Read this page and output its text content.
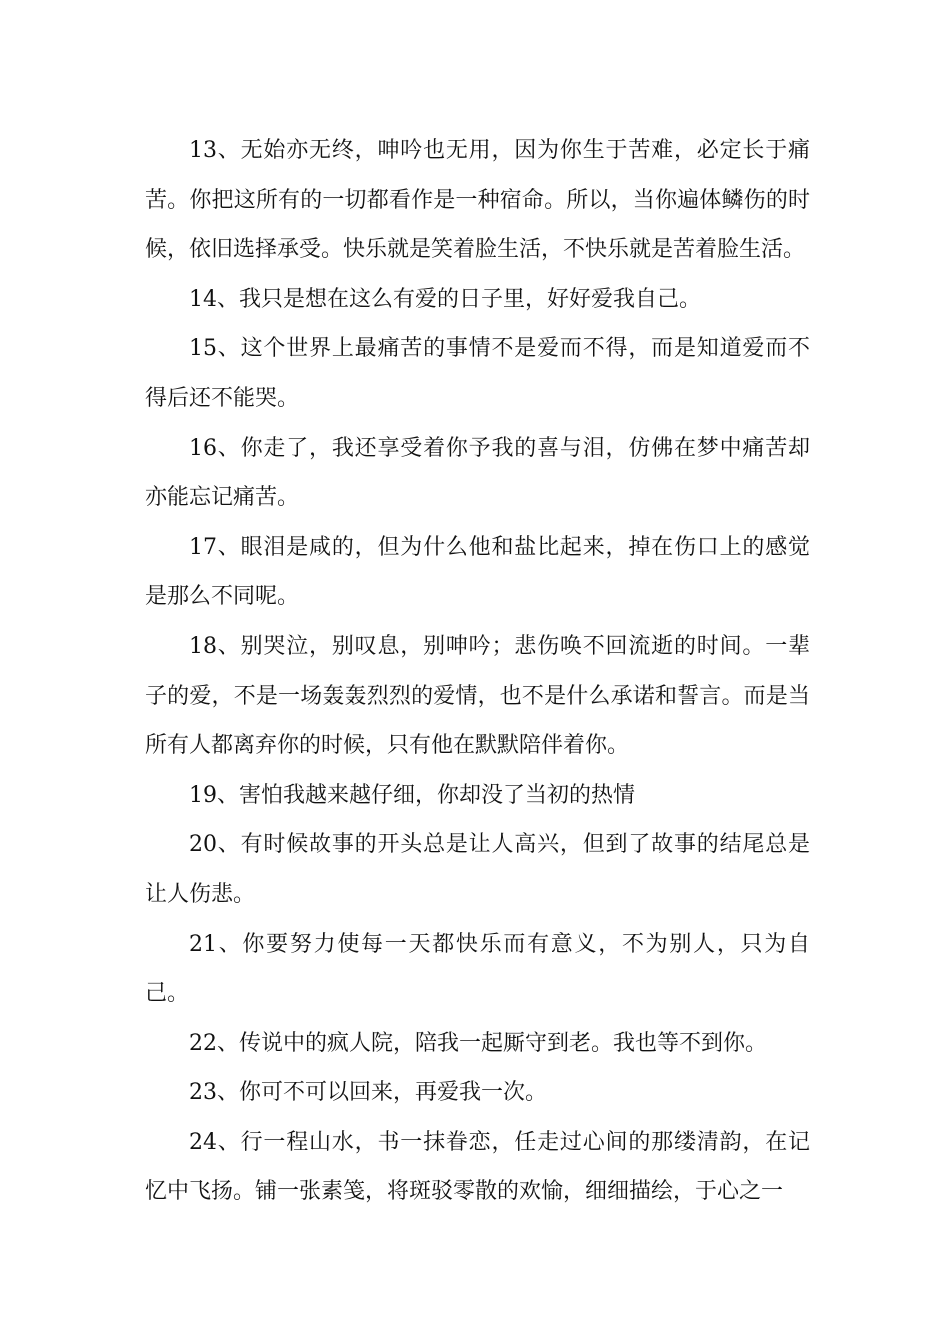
13、无始亦无终，呻吟也无用，因为你生于苦难，必定长于痛苦。你把这所有的一切都看作是一种宿命。所以，当你遍体鳞伤的时候，依旧选择承受。快乐就是笑着脸生活，不快乐就是苦着脸生活。

14、我只是想在这么有爱的日子里，好好爱我自己。

15、这个世界上最痛苦的事情不是爱而不得，而是知道爱而不得后还不能哭。

16、你走了，我还享受着你予我的喜与泪，仿佛在梦中痛苦却亦能忘记痛苦。

17、眼泪是咸的，但为什么他和盐比起来，掉在伤口上的感觉是那么不同呢。

18、别哭泣，别叹息，别呻吟；悲伤唤不回流逝的时间。一辈子的爱，不是一场轰轰烈烈的爱情，也不是什么承诺和誓言。而是当所有人都离弃你的时候，只有他在默默陪伴着你。

19、害怕我越来越仔细，你却没了当初的热情

20、有时候故事的开头总是让人高兴，但到了故事的结尾总是让人伤悲。

21、你要努力使每一天都快乐而有意义，不为别人，只为自己。

22、传说中的疯人院，陪我一起厮守到老。我也等不到你。

23、你可不可以回来，再爱我一次。

24、行一程山水，书一抹眷恋，任走过心间的那缕清韵，在记忆中飞扬。铺一张素笺，将斑驳零散的欢愉，细细描绘，于心之一
